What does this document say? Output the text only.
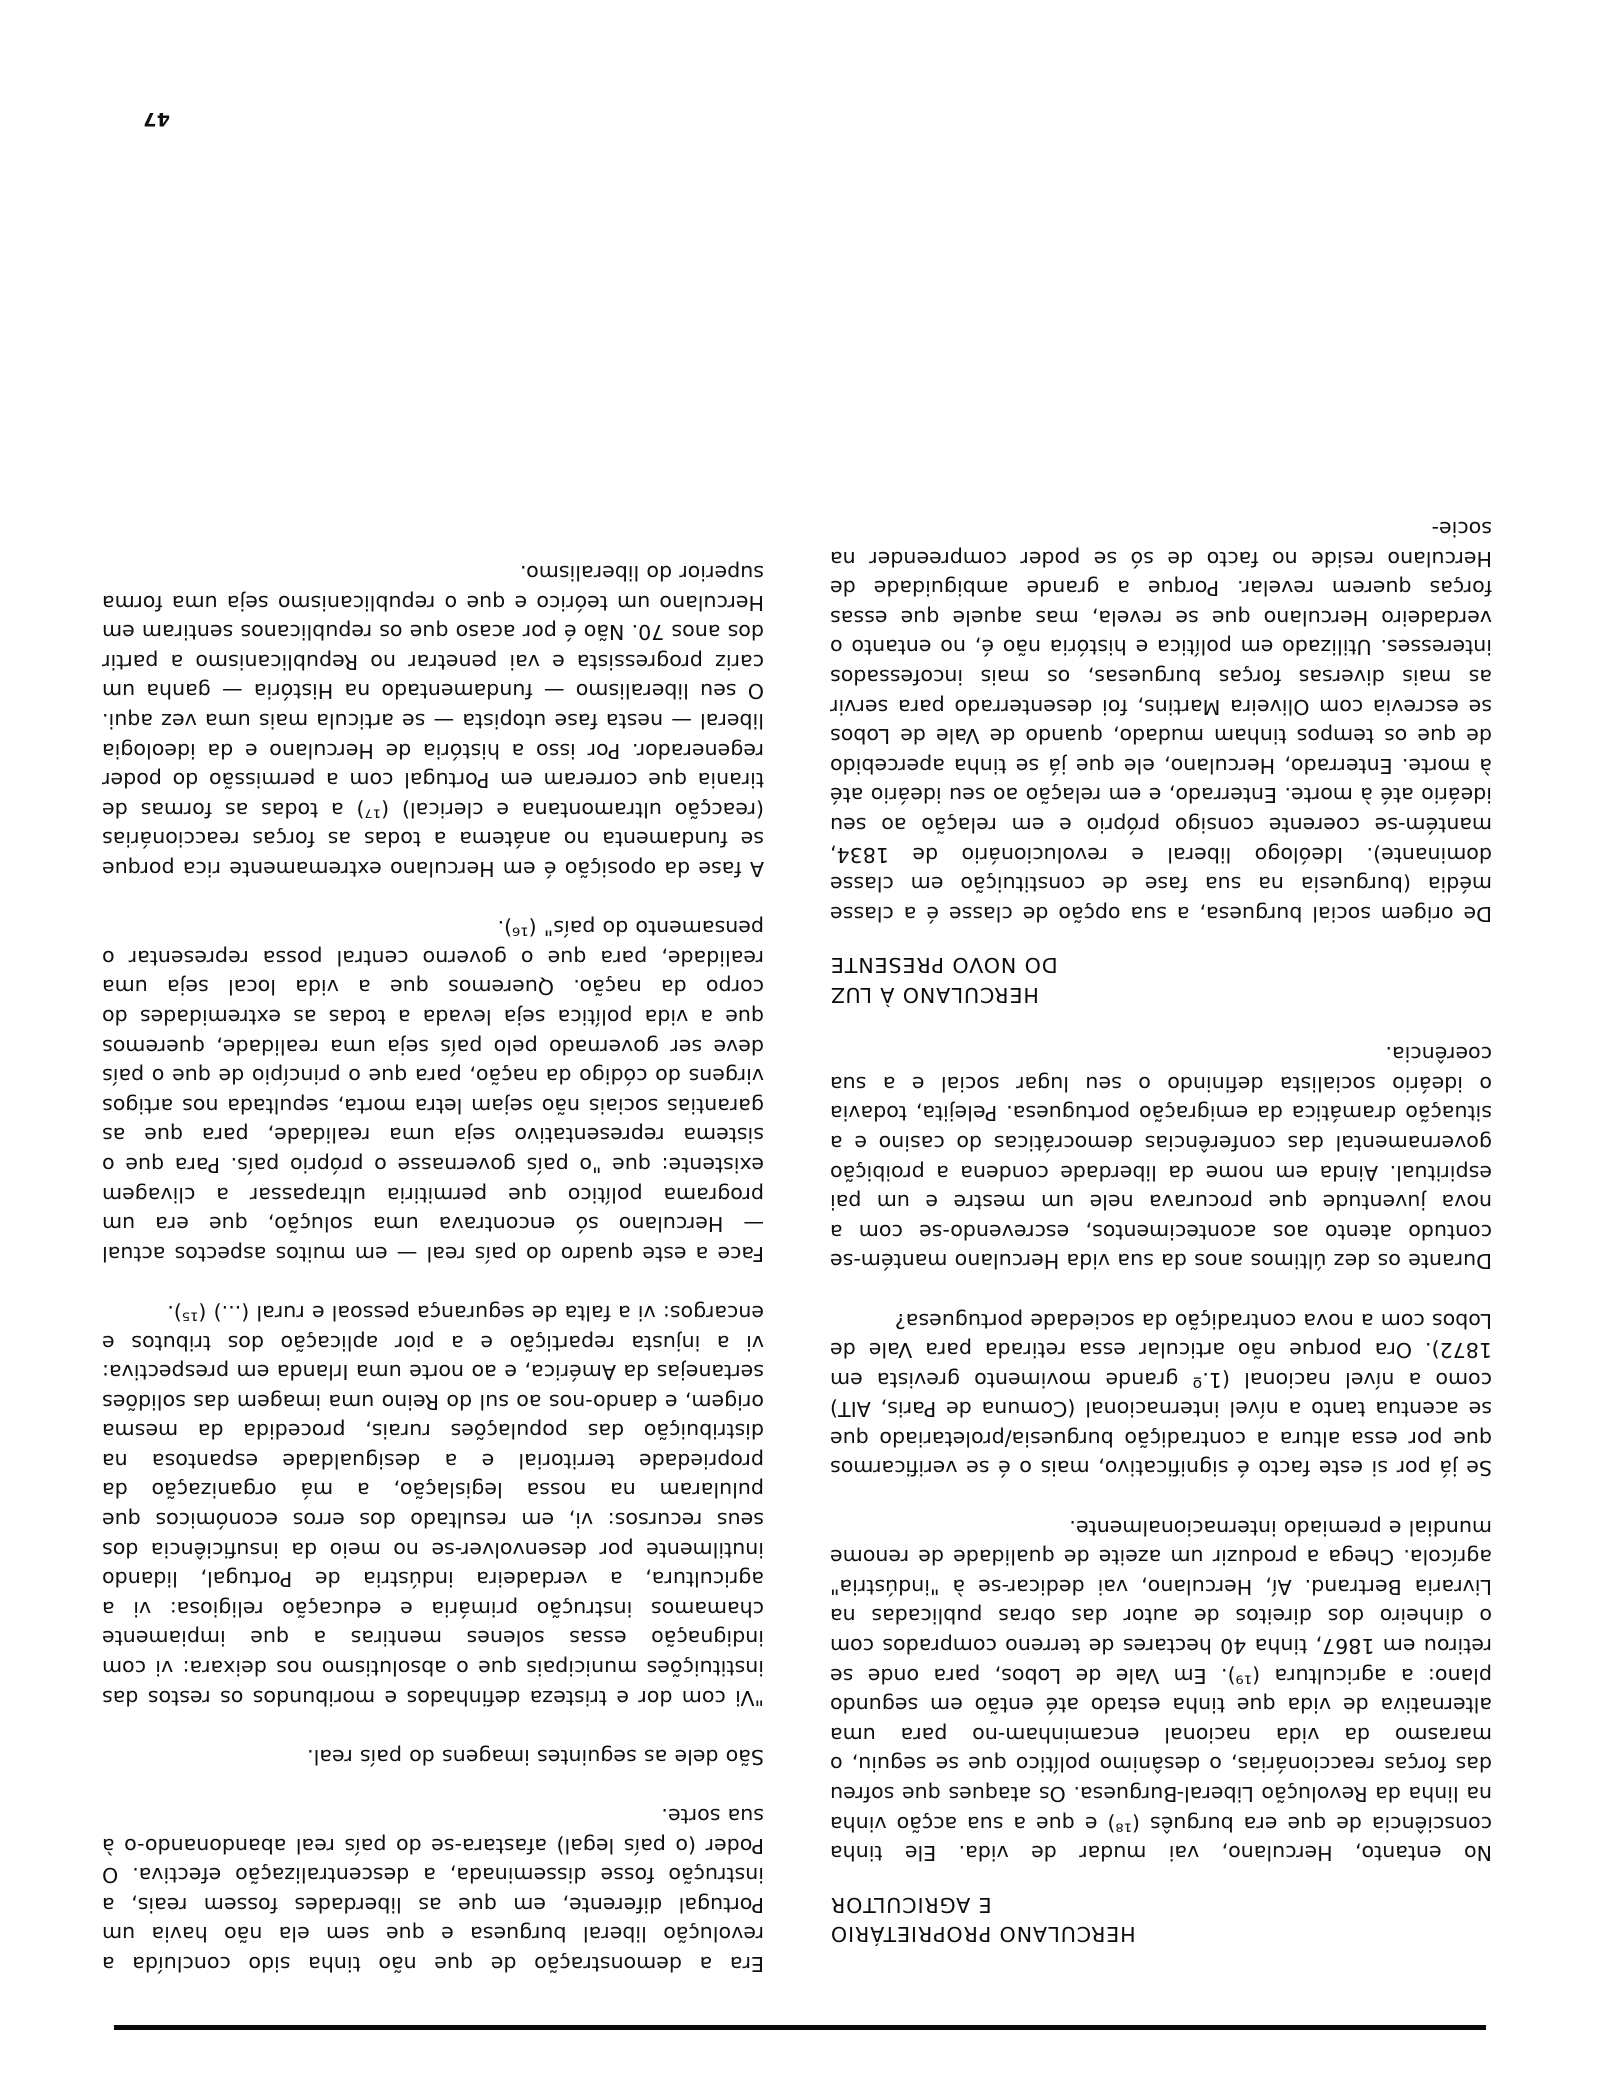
47
HERCULANO PROPRIETÁRIO
E AGRICULTOR

No entanto, Herculano, vai mudar de vida. Ele tinha consciência de que era burguês (¹⁸) e que a sua acção vinha na linha da Revolução Liberal-Burguesa. Os ataques que sofreu das forças reaccionárias, o desânimo político que se seguiu, o marasmo da vida nacional encaminham-no para uma alternativa de vida que tinha estado até então em segundo plano: a agricultura (¹⁹). Em Vale de Lobos, para onde se retirou em 1867, tinha 40 hectares de terreno comprados com o dinheiro dos direitos de autor das obras publicadas na Livraria Bertrand. Aí, Herculano, vai dedicar-se à "indústria" agrícola. Chega a produzir um azeite de qualidade de renome mundial e premiado internacionalmente.

Se já por si este facto é significativo, mais o é se verificarmos que por essa altura a contradição burguesia/proletariado que se acentua tanto a nível internacional (Comuna de Paris, AIT) como a nível nacional (1.º grande movimento grevista em 1872). Ora porque não articular essa retirada para Vale de Lobos com a nova contradição da sociedade portuguesa?

Durante os dez últimos anos da sua vida Herculano mantém-se contudo atento aos acontecimentos, escrevendo-se com a nova juventude que procurava nele um mestre e um pai espiritual. Ainda em nome da liberdade condena a proibição governamental das conferências democráticas do casino e a situação dramática da emigração portuguesa. Pelejita, todavia o ideário socialista definindo o seu lugar social e a sua coerência.

HERCULANO À LUZ
DO NOVO PRESENTE

De origem social burguesa, a sua opção de classe é a classe média (burguesia na sua fase de constituição em classe dominante). Ideólogo liberal e revolucionário de 1834, mantém-se coerente consigo próprio e em relação ao seu ideário até à morte. Enterrado, e em relação ao seu ideário até à morte. Enterrado, Herculano, ele que já se tinha apercebido de que os tempos tinham mudado, quando de Vale de Lobos se escrevia com Oliveira Martins, foi desenterrado para servir as mais diversas forças burguesas, os mais incofessados interesses. Utilizado em política e história não é, no entanto o verdadeiro Herculano que se revela, mas aquele que essas forças querem revelar. Porque a grande ambiguidade de Herculano reside no facto de só se poder compreender na socie-

Era a demonstração de que não tinha sido concluída a revolução liberal burguesa e que sem ela não havia um Portugal diferente, em que as liberdades fossem reais, a instrução fosse disseminada, a descentralização efectiva. O Poder (o país legal) afastara-se do país real abandonando-o à sua sorte.

São dele as seguintes imagens do país real.

"Vi com dor e tristeza definhados e moribundos os restos das instituições municipais que o absolutismo nos deixara: vi com indignação essas solenes mentiras a que impiamente chamamos instrução primária e educação religiosa: vi a agricultura, a verdadeira indústria de Portugal, lidando inutilmente por desenvolver-se no meio da insuficiência dos seus recursos: vi, em resultado dos erros económicos que pulularam na nossa legislação, a má organização da propriedade territorial e a desigualdade espantosa na distribuição das populações rurais, procedida da mesma origem, e dando-nos ao sul do Reino uma imagem das solidões sertanejas da América, e ao norte uma Irlanda em prespectiva: vi a injusta repartição e a pior aplicação dos tributos e encargos: vi a falta de segurança pessoal e rural (...) (¹⁵).

Face a este quadro do país real — em muitos aspectos actual — Herculano só encontrava uma solução, que era um programa político que permitiria ultrapassar a clivagem existente: que "o país governasse o próprio país. Para que o sistema representativo seja uma realidade, para que as garantias sociais não sejam letra morta, sepultada nos artigos virgens do código da nação, para que o princípio de que o país deve ser governado pelo país seja uma realidade, queremos que a vida política seja levada a todas as extremidades do corpo da nação. Queremos que a vida local seja uma realidade, para que o governo central possa representar o pensamento do país" (¹⁶).

A fase da oposição é em Herculano extremamente rica porque se fundamenta no anátema a todas as forças reaccionárias (reacção ultramontana e clerical) (¹⁷) a todas as formas de tirania que correram em Portugal com a permissão do poder regenerador. Por isso a história de Herculano e da ideologia liberal — nesta fase utopista — se articula mais uma vez aqui. O seu liberalismo — fundamentado na História — ganha um cariz progressista e vai penetrar no Republicanismo a partir dos anos 70. Não é por acaso que os republicanos sentiram em Herculano um teórico e que o republicanismo seja uma forma superior do liberalismo.
